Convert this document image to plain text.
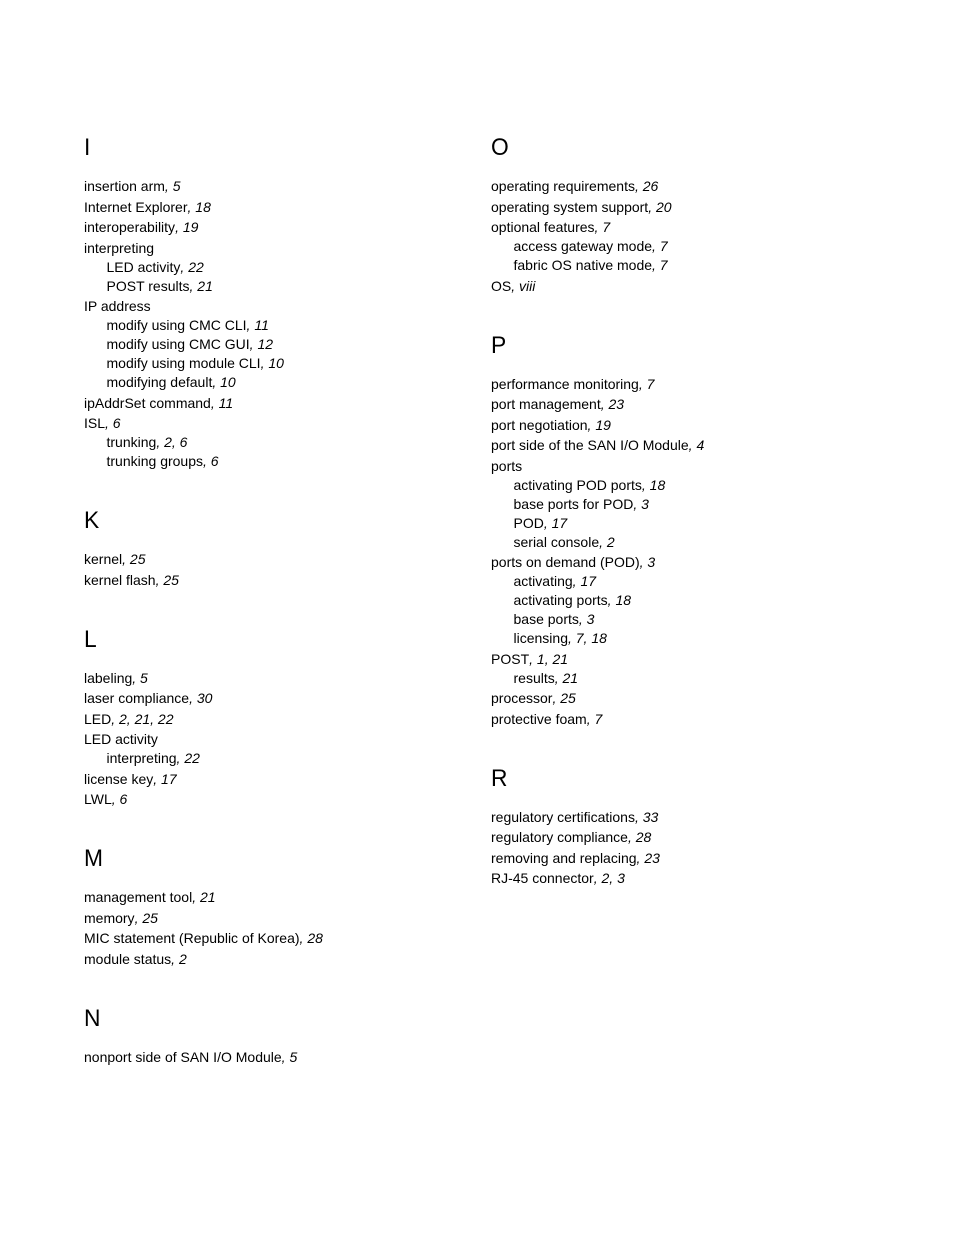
I
insertion arm, 5
Internet Explorer, 18
interoperability, 19
interpreting
LED activity, 22
POST results, 21
IP address
modify using CMC CLI, 11
modify using CMC GUI, 12
modify using module CLI, 10
modifying default, 10
ipAddrSet command, 11
ISL, 6
trunking, 2, 6
trunking groups, 6
K
kernel, 25
kernel flash, 25
L
labeling, 5
laser compliance, 30
LED, 2, 21, 22
LED activity
interpreting, 22
license key, 17
LWL, 6
M
management tool, 21
memory, 25
MIC statement (Republic of Korea), 28
module status, 2
N
nonport side of SAN I/O Module, 5
O
operating requirements, 26
operating system support, 20
optional features, 7
access gateway mode, 7
fabric OS native mode, 7
OS, viii
P
performance monitoring, 7
port management, 23
port negotiation, 19
port side of the SAN I/O Module, 4
ports
activating POD ports, 18
base ports for POD, 3
POD, 17
serial console, 2
ports on demand (POD), 3
activating, 17
activating ports, 18
base ports, 3
licensing, 7, 18
POST, 1, 21
results, 21
processor, 25
protective foam, 7
R
regulatory certifications, 33
regulatory compliance, 28
removing and replacing, 23
RJ-45 connector, 2, 3
